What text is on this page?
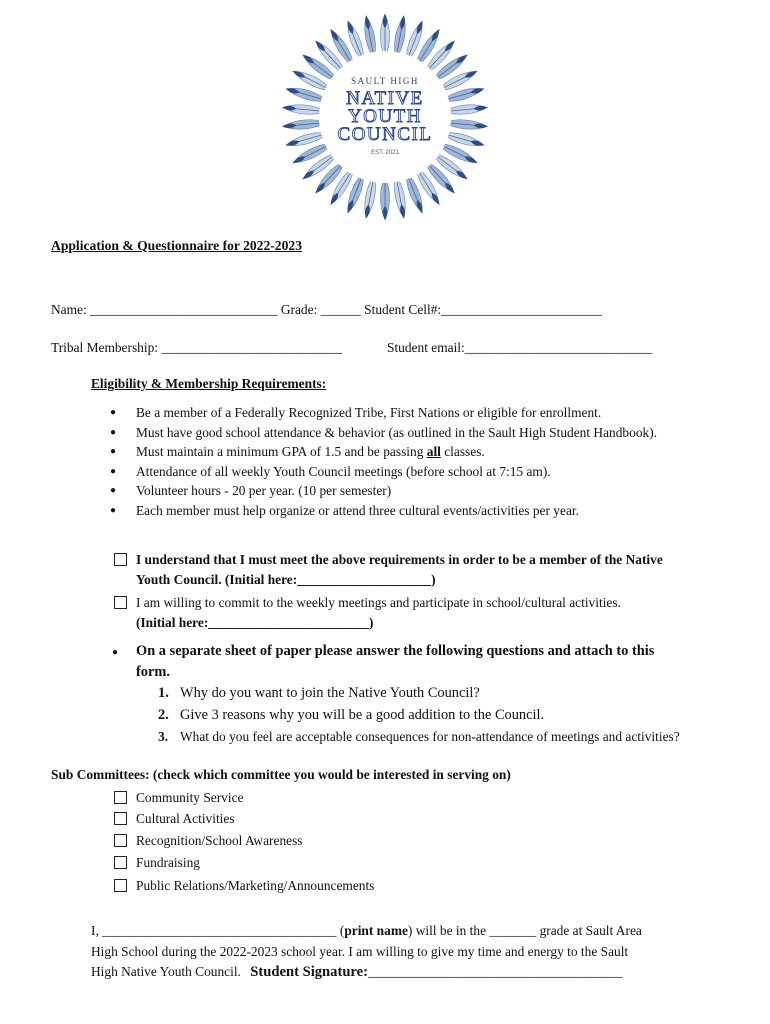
SAULT HIGH
NATIVE
YOUTH
COUNCIL
EST. 2021
Application & Questionnaire for 2022-2023
Name: ____________________________ Grade: ______ Student Cell#:________________________
Tribal Membership: ___________________________	Student email:____________________________
Eligibility & Membership Requirements:
● Be a member of a Federally Recognized Tribe, First Nations or eligible for enrollment.
● Must have good school attendance & behavior (as outlined in the Sault High Student Handbook).
● Must maintain a minimum GPA of 1.5 and be passing all classes.
● Attendance of all weekly Youth Council meetings (before school at 7:15 am).
● Volunteer hours - 20 per year. (10 per semester)
● Each member must help organize or attend three cultural events/activities per year.
I understand that I must meet the above requirements in order to be a member of the Native
Youth Council. (Initial here:____________________)
I am willing to commit to the weekly meetings and participate in school/cultural activities.
(Initial here:________________________)
●	On a separate sheet of paper please answer the following questions and attach to this
form.
1. Why do you want to join the Native Youth Council?
2. Give 3 reasons why you will be a good addition to the Council.
3. What do you feel are acceptable consequences for non-attendance of meetings and activities?
Sub Committees: (check which committee you would be interested in serving on)
Community Service
Cultural Activities
Recognition/School Awareness
Fundraising
Public Relations/Marketing/Announcements
I, ___________________________________ (print name) will be in the _______ grade at Sault Area
High School during the 2022-2023 school year. I am willing to give my time and energy to the Sault
High Native Youth Council. Student Signature:______________________________________
